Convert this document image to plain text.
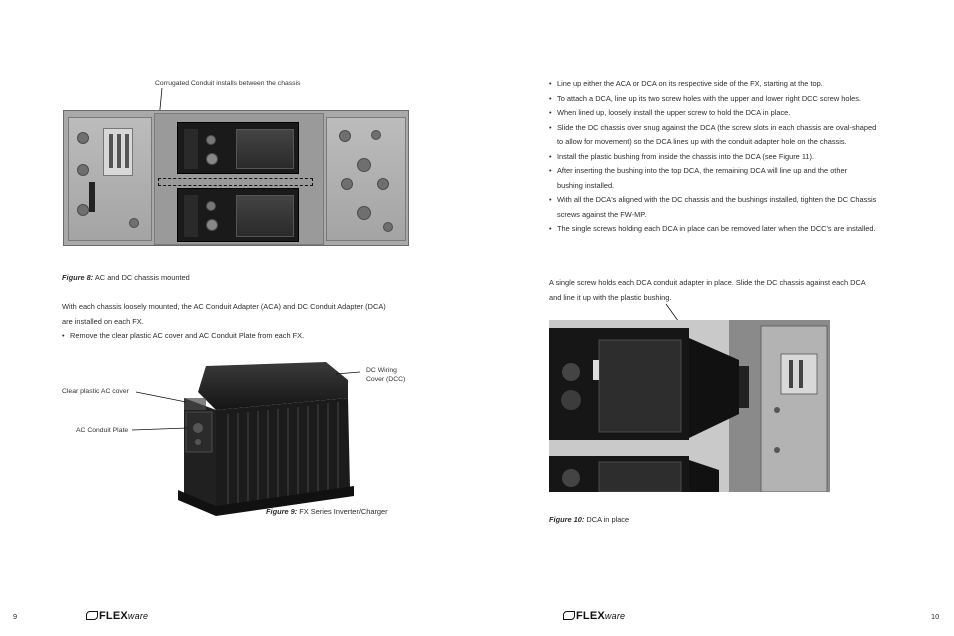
Corrugated Conduit installs between the chassis
Figure 8: AC and DC chassis mounted
With each chassis loosely mounted, the AC Conduit Adapter (ACA) and DC Conduit Adapter (DCA) are installed on each FX.
• Remove the clear plastic AC cover and AC Conduit Plate from each FX.
Clear plastic AC cover
AC Conduit Plate
DC Wiring
Cover (DCC)
Figure 9: FX Series Inverter/Charger
9	FLEXware
• Line up either the ACA or DCA on its respective side of the FX, starting at the top.
• To attach a DCA, line up its two screw holes with the upper and lower right DCC screw holes.
• When lined up, loosely install the upper screw to hold the DCA in place.
• Slide the DC chassis over snug against the DCA (the screw slots in each chassis are oval-shaped
to allow for movement) so the DCA lines up with the conduit adapter hole on the chassis.
• Install the plastic bushing from inside the chassis into the DCA (see Figure 11).
• After inserting the bushing into the top DCA, the remaining DCA will line up and the other
bushing installed.
• With all the DCA's aligned with the DC chassis and the bushings installed, tighten the DC Chassis
screws against the FW-MP.
• The single screws holding each DCA in place can be removed later when the DCC's are installed.
A single screw holds each DCA conduit adapter in place. Slide the DC chassis against each DCA
and line it up with the plastic bushing.
Figure 10: DCA in place
FLEXware	10
